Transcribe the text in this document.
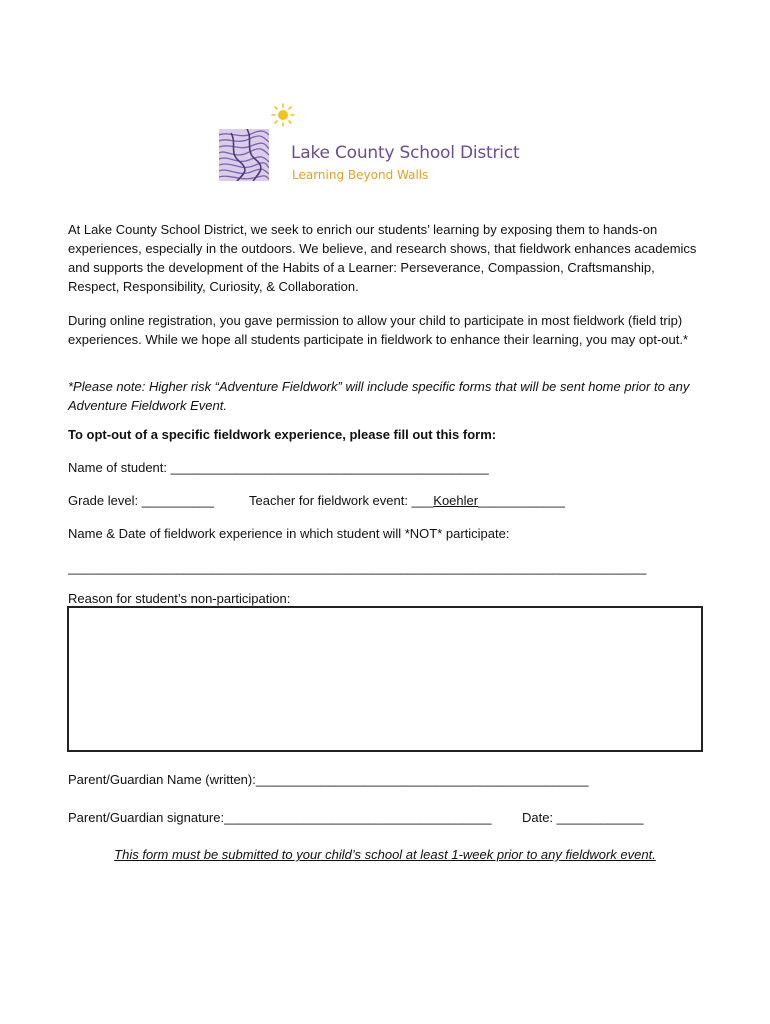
Lake County School District
Learning Beyond Walls
At Lake County School District, we seek to enrich our students’ learning by exposing them to hands-on experiences, especially in the outdoors. We believe, and research shows, that fieldwork enhances academics and supports the development of the Habits of a Learner: Perseverance, Compassion, Craftsmanship, Respect, Responsibility, Curiosity, & Collaboration.
During online registration, you gave permission to allow your child to participate in most fieldwork (field trip) experiences. While we hope all students participate in fieldwork to enhance their learning, you may opt-out.*
*Please note: Higher risk “Adventure Fieldwork” will include specific forms that will be sent home prior to any Adventure Fieldwork Event.
To opt-out of a specific fieldwork experience, please fill out this form:
Name of student: ____________________________________________
Grade level: __________	Teacher for fieldwork event: ___Koehler____________
Name & Date of fieldwork experience in which student will *NOT* participate:
________________________________________________________________________________
Reason for student’s non-participation:
Parent/Guardian Name (written):______________________________________________
Parent/Guardian signature:_____________________________________ Date: ____________
This form must be submitted to your child’s school at least 1-week prior to any fieldwork event.
